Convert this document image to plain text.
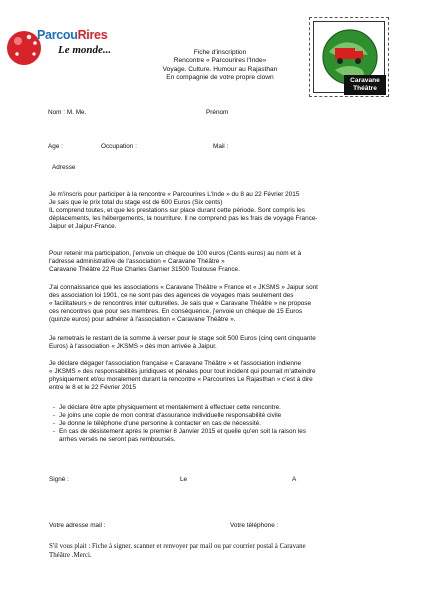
ParcouRires
Le monde...
Caravane
Théâtre
Fiche d'inscription
Rencontre « Parcourires l'Inde»
Voyage. Culture. Humour au Rajasthan
En compagnie de votre propre clown
Nom : M. Me.	Prénom
Age :	Occupation :	Mail :
Adresse
Je m'inscris pour participer à la rencontre « Parcourires L'Inde » du 8 au 22 Février 2015
Je sais que le prix total du stage est de 600 Euros (Six cents)
IL comprend toutes, et que les prestations sur place durant cette période. Sont compris les
déplacements, les hébergements, la nourriture. Il ne comprend pas les frais de voyage France-
Jaipur et Jaipur-France.
Pour retenir ma participation, j'envoie un chèque de 100 euros (Cents euros) au nom et à
l'adresse administrative de l'association « Caravane Théâtre »
Caravane Théâtre 22 Rue Charles Garnier 31500 Toulouse France.
J'ai connaissance que les associations « Caravane Théâtre » France et « JKSMS » Jaipur sont
des association loi 1901, ce ne sont pas des agences de voyages mais seulement des
« facilitateurs » de rencontres inter culturelles. Je sais que « Caravane Théâtre » ne propose
ces rencontres que pour ses membres. En conséquence, j'envoie un chèque de 15 Euros
(quinze euros) pour adhérer à l'association « Caravane Théâtre ».
Je remetrais le restant de la somme à verser pour le stage soit 500 Euros (cinq cent cinquante
Euros) à l'association « JKSMS » dès mon arrivée à Jaipur.
Je déclare dégager l'association française « Caravane Théâtre » et l'association indienne
« JKSMS » des responsabilités juridiques et pénales pour tout incident qui pourrait m'atteindre
physiquement et/ou moralement durant la rencontre « Parcourires Le Rajasthan » c'est à dire
entre le 8 et le 22 Février 2015
- Je déclare être apte physiquement et mentalement à effectuer cette rencontre.
- Je joins une copie de mon contrat d'assurance individuelle responsabilité civile
- Je donne le téléphone d'une personne à contacter en cas de nécessité.
- En cas de désistement après le premier 8 Janvier 2015 et quelle qu'en soit la raison les
arrhes versés ne seront pas remboursés.
Signé :	Le	A
Votre adresse mail :	Votre téléphone :
S'il vous plait : Fiche à signer, scanner et renvoyer par mail ou par courrier postal à Caravane
Théâtre .Merci.
